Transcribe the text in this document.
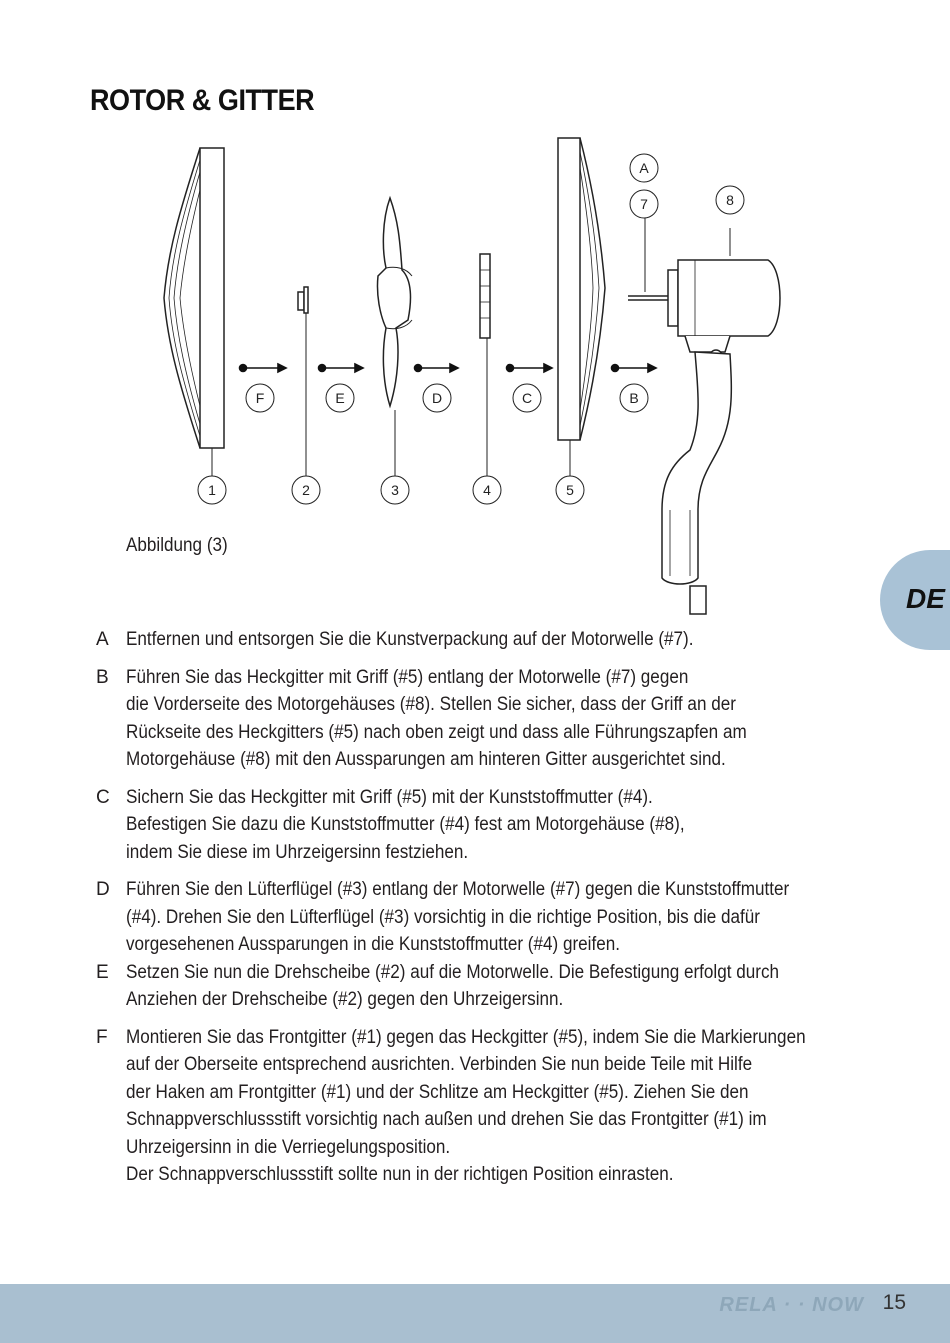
ROTOR & GITTER
A
7	8
F	E	D	C	B
1	2	3	4	5
Abbildung (3)
DE
A Entfernen und entsorgen Sie die Kunstverpackung auf der Motorwelle (#7).
B Führen Sie das Heckgitter mit Griff (#5) entlang der Motorwelle (#7) gegen
die Vorderseite des Motorgehäuses (#8). Stellen Sie sicher, dass der Griff an der
Rückseite des Heckgitters (#5) nach oben zeigt und dass alle Führungszapfen am
Motorgehäuse (#8) mit den Aussparungen am hinteren Gitter ausgerichtet sind.
C Sichern Sie das Heckgitter mit Griff (#5) mit der Kunststoffmutter (#4).
Befestigen Sie dazu die Kunststoffmutter (#4) fest am Motorgehäuse (#8),
indem Sie diese im Uhrzeigersinn festziehen.
D Führen Sie den Lüfterflügel (#3) entlang der Motorwelle (#7) gegen die Kunststoffmutter
(#4). Drehen Sie den Lüfterflügel (#3) vorsichtig in die richtige Position, bis die dafür
vorgesehenen Aussparungen in die Kunststoffmutter (#4) greifen.
E Setzen Sie nun die Drehscheibe (#2) auf die Motorwelle. Die Befestigung erfolgt durch
Anziehen der Drehscheibe (#2) gegen den Uhrzeigersinn.
F Montieren Sie das Frontgitter (#1) gegen das Heckgitter (#5), indem Sie die Markierungen
auf der Oberseite entsprechend ausrichten. Verbinden Sie nun beide Teile mit Hilfe
der Haken am Frontgitter (#1) und der Schlitze am Heckgitter (#5). Ziehen Sie den
Schnappverschlussstift vorsichtig nach außen und drehen Sie das Frontgitter (#1) im
Uhrzeigersinn in die Verriegelungsposition.
Der Schnappverschlussstift sollte nun in der richtigen Position einrasten.
RELA · · NOW 15
